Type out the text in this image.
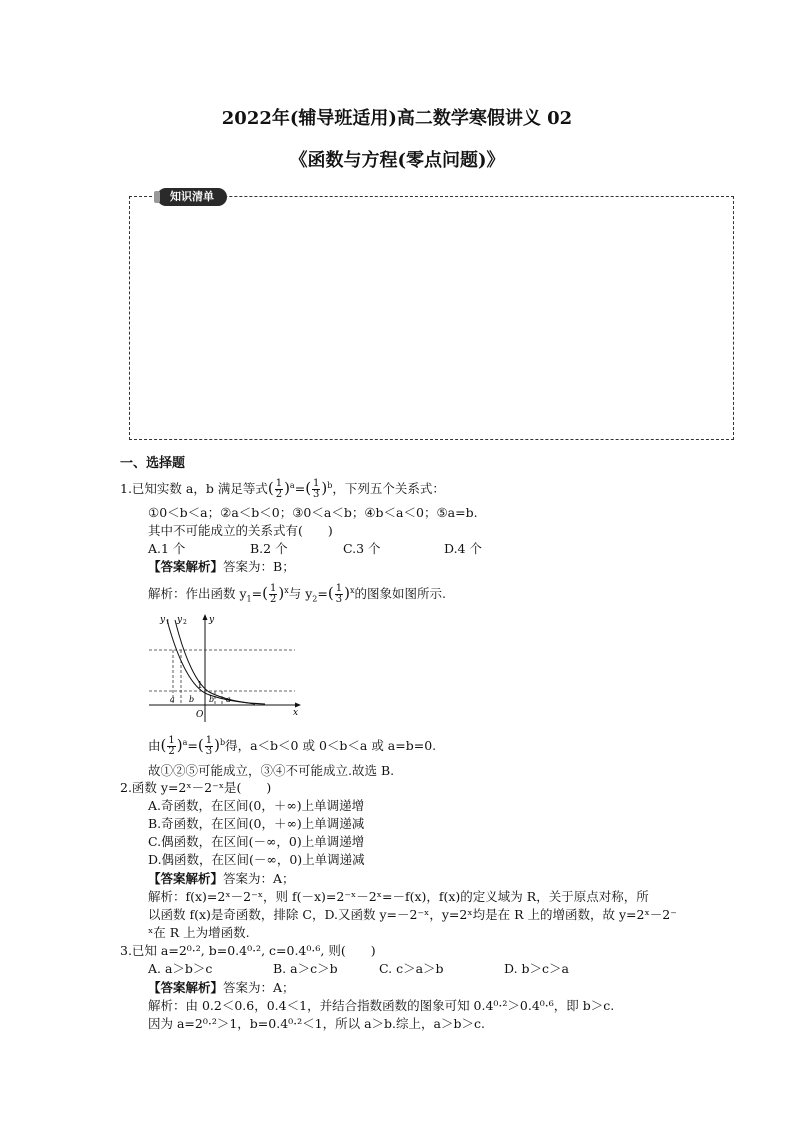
2022年(辅导班适用)高二数学寒假讲义 02
《函数与方程(零点问题)》
知识清单
一、选择题
1.已知实数 a，b 满足等式( $\frac{1}{2} )^a=( \frac{1}{3} )^b$，下列五个关系式：
①0＜b＜a；②a＜b＜0；③0＜a＜b；④b＜a＜0；⑤a=b.
其中不可能成立的关系式有(　　)
A.1 个	B.2 个	C.3 个	D.4 个
【答案解析】答案为：B；
解析：作出函数 $y_1=( \frac{1}{2} )^x$与 $y_2=( \frac{1}{3} )^x$的图象如图所示.
y 1 y 2 y
x
O
1
a b b a
由( $\frac{1}{2} )^a=( \frac{1}{3} )^b$得，a＜b＜0 或 0＜b＜a 或 a=b=0.
故①②⑤可能成立，③④不可能成立.故选 B.
2.函数 y=2ˣ－2⁻ˣ是(　　)
A.奇函数，在区间(0，＋∞)上单调递增
B.奇函数，在区间(0，＋∞)上单调递减
C.偶函数，在区间(－∞，0)上单调递增
D.偶函数，在区间(－∞，0)上单调递减
【答案解析】答案为：A；
解析：f(x)=2ˣ－2⁻ˣ，则 f(－x)=2⁻ˣ－2ˣ=－f(x)，f(x)的定义域为 R，关于原点对称，所
以函数 f(x)是奇函数，排除 C，D.又函数 y=－2⁻ˣ，y=2ˣ均是在 R 上的增函数，故 y=2ˣ－2⁻
ˣ在 R 上为增函数.
3.已知 a=2⁰·², b=0.4⁰·², c=0.4⁰·⁶, 则(　　)
A. a＞b＞c	B. a＞c＞b	C. c＞a＞b	D. b＞c＞a
【答案解析】答案为：A；
解析：由 0.2＜0.6，0.4＜1，并结合指数函数的图象可知 0.4⁰·²＞0.4⁰·⁶，即 b＞c.
因为 a=2⁰·²＞1，b=0.4⁰·²＜1，所以 a＞b.综上，a＞b＞c.
